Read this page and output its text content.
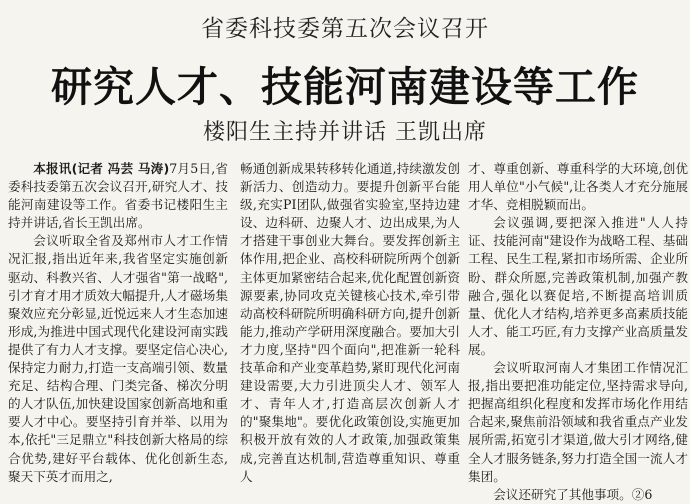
省委科技委第五次会议召开
研究人才、技能河南建设等工作
楼阳生主持并讲话 王凯出席

本报讯(记者 冯芸 马涛)7月5日,省委科技委第五次会议召开,研究人才、技能河南建设等工作。省委书记楼阳生主持并讲话,省长王凯出席。

会议听取全省及郑州市人才工作情况汇报,指出近年来,我省坚定实施创新驱动、科教兴省、人才强省"第一战略",引才育才用才质效大幅提升,人才磁场集聚效应充分彰显,近悦远来人才生态加速形成,为推进中国式现代化建设河南实践提供了有力人才支撑。要坚定信心决心,保持定力耐力,打造一支高端引领、数量充足、结构合理、门类完备、梯次分明的人才队伍,加快建设国家创新高地和重要人才中心。要坚持引育并举、以用为本,依托"三足鼎立"科技创新大格局的综合优势,建好平台载体、优化创新生态,聚天下英才而用之,

畅通创新成果转移转化通道,持续激发创新活力、创造动力。要提升创新平台能级,充实PI团队,做强省实验室,坚持边建设、边科研、边聚人才、边出成果,为人才搭建干事创业大舞台。要发挥创新主体作用,把企业、高校科研院所两个创新主体更加紧密结合起来,优化配置创新资源要素,协同攻克关键核心技术,牵引带动高校科研院所明确科研方向,提升创新能力,推动产学研用深度融合。要加大引才力度,坚持"四个面向",把准新一轮科技革命和产业变革趋势,紧盯现代化河南建设需要,大力引进顶尖人才、领军人才、青年人才,打造高层次创新人才的"聚集地"。要优化政策创设,实施更加积极开放有效的人才政策,加强政策集成,完善直达机制,营造尊重知识、尊重人

才、尊重创新、尊重科学的大环境,创优用人单位"小气候",让各类人才充分施展才华、竞相脱颖而出。

会议强调,要把深入推进"人人持证、技能河南"建设作为战略工程、基础工程、民生工程,紧扣市场所需、企业所盼、群众所愿,完善政策机制,加强产教融合,强化以赛促培,不断提高培训质量、优化人才结构,培养更多高素质技能人才、能工巧匠,有力支撑产业高质量发展。

会议听取河南人才集团工作情况汇报,指出要把准功能定位,坚持需求导向,把握高组织化程度和发挥市场化作用结合起来,聚焦前沿领域和我省重点产业发展所需,拓宽引才渠道,做大引才网络,健全人才服务链条,努力打造全国一流人才集团。

会议还研究了其他事项。②6
